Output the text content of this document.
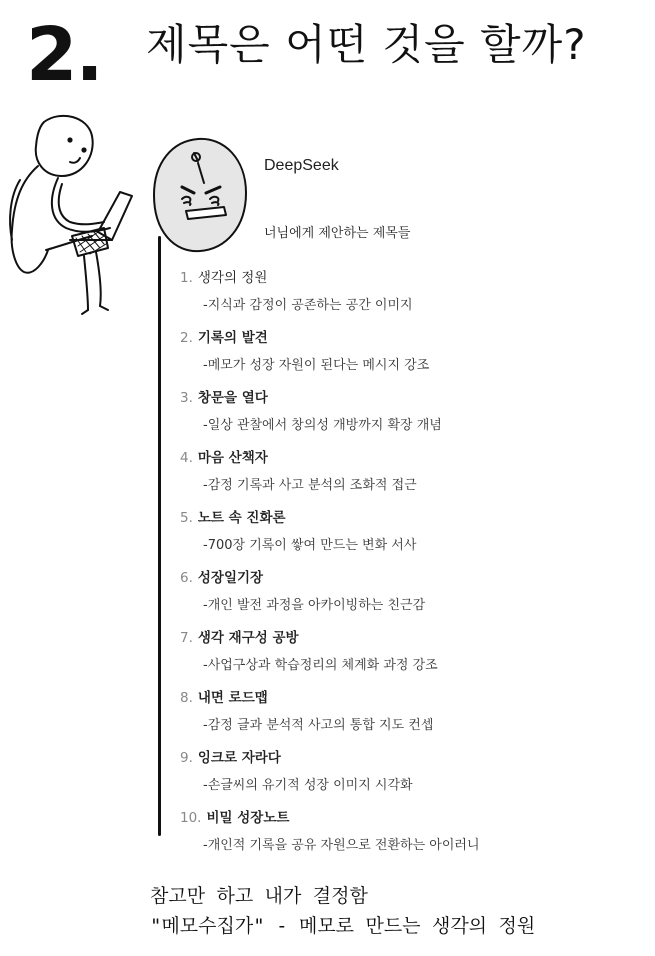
2. 제목은 어떤 것을 할까?
DeepSeek
너님에게 제안하는 제목들
1. 생각의 정원
-지식과 감정이 공존하는 공간 이미지
2. 기록의 발견
-메모가 성장 자원이 된다는 메시지 강조
3. 창문을 열다
-일상 관찰에서 창의성 개방까지 확장 개념
4. 마음 산책자
-감정 기록과 사고 분석의 조화적 접근
5. 노트 속 진화론
-700장 기록이 쌓여 만드는 변화 서사
6. 성장일기장
-개인 발전 과정을 아카이빙하는 친근감
7. 생각 재구성 공방
-사업구상과 학습정리의 체계화 과정 강조
8. 내면 로드맵
-감정 글과 분석적 사고의 통합 지도 컨셉
9. 잉크로 자라다
-손글씨의 유기적 성장 이미지 시각화
10. 비밀 성장노트
-개인적 기록을 공유 자원으로 전환하는 아이러니
참고만 하고 내가 결정함
"메모수집가" - 메모로 만드는 생각의 정원
